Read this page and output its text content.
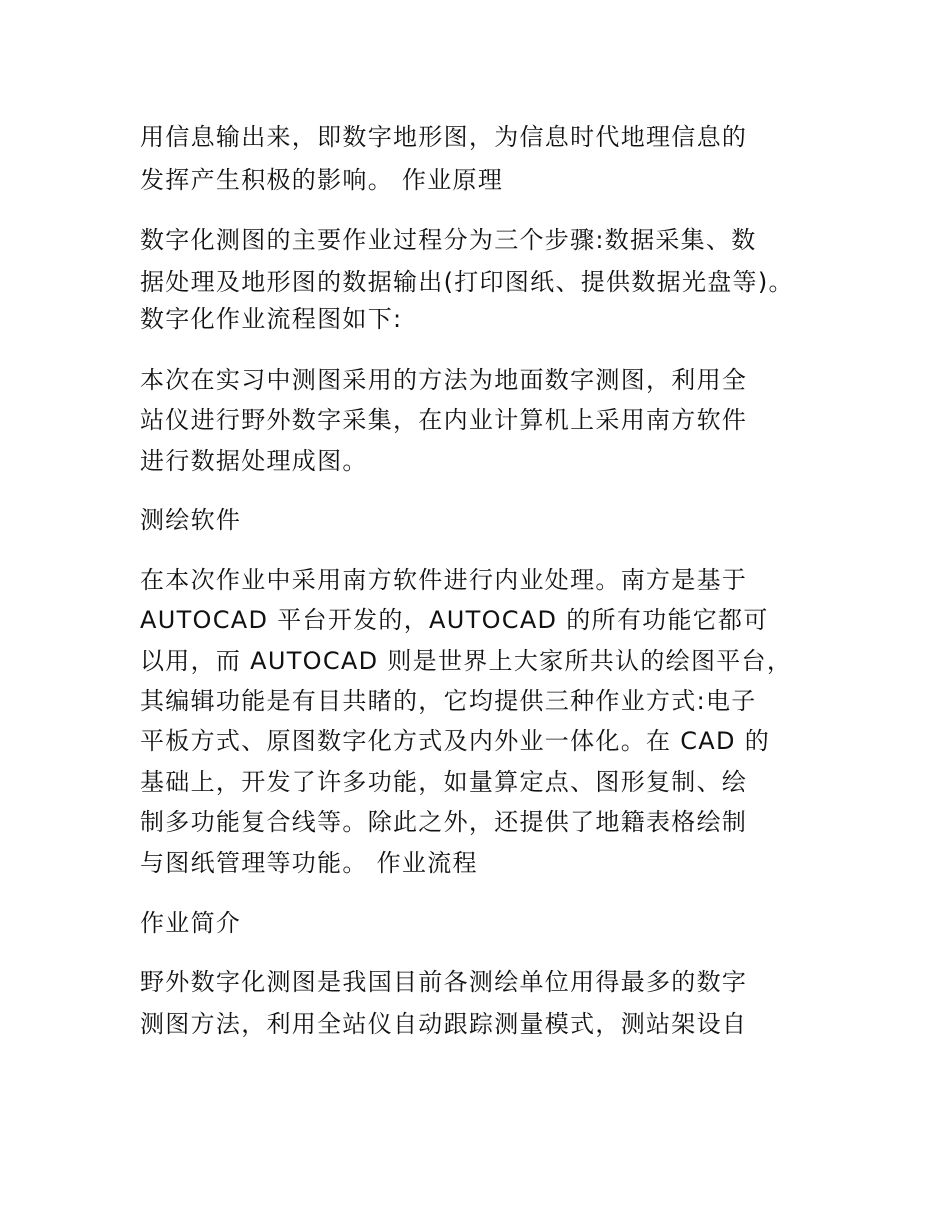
用信息输出来，即数字地形图，为信息时代地理信息的
发挥产生积极的影响。 作业原理
数字化测图的主要作业过程分为三个步骤:数据采集、数
据处理及地形图的数据输出(打印图纸、提供数据光盘等)。
数字化作业流程图如下:
本次在实习中测图采用的方法为地面数字测图，利用全
站仪进行野外数字采集，在内业计算机上采用南方软件
进行数据处理成图。
测绘软件
在本次作业中采用南方软件进行内业处理。南方是基于
AUTOCAD 平台开发的，AUTOCAD 的所有功能它都可
以用，而 AUTOCAD 则是世界上大家所共认的绘图平台，
其编辑功能是有目共睹的，它均提供三种作业方式:电子
平板方式、原图数字化方式及内外业一体化。在 CAD 的
基础上，开发了许多功能，如量算定点、图形复制、绘
制多功能复合线等。除此之外，还提供了地籍表格绘制
与图纸管理等功能。 作业流程
作业简介
野外数字化测图是我国目前各测绘单位用得最多的数字
测图方法，利用全站仪自动跟踪测量模式，测站架设自
